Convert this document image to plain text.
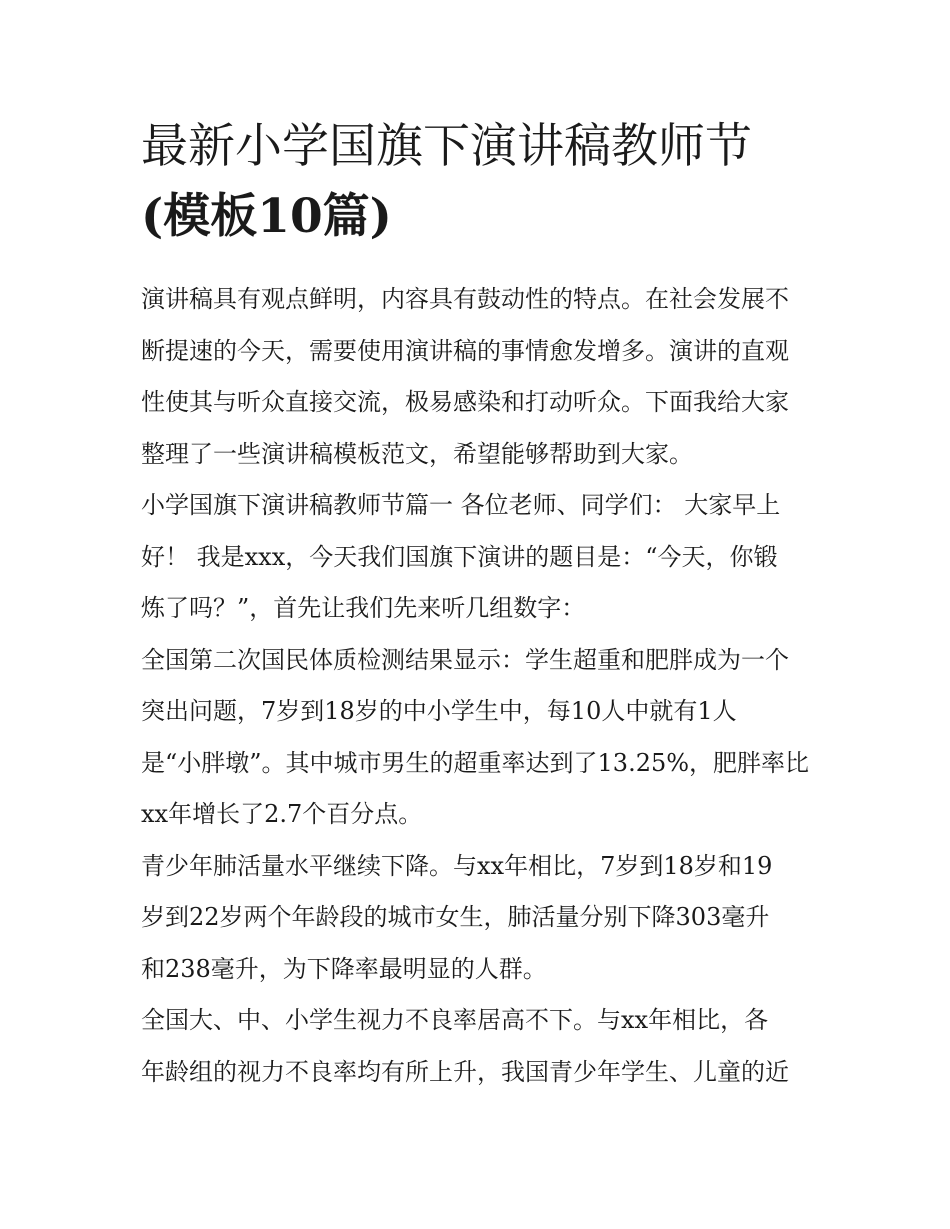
最新小学国旗下演讲稿教师节
(模板10篇)

演讲稿具有观点鲜明，内容具有鼓动性的特点。在社会发展不
断提速的今天，需要使用演讲稿的事情愈发增多。演讲的直观
性使其与听众直接交流，极易感染和打动听众。下面我给大家
整理了一些演讲稿模板范文，希望能够帮助到大家。

小学国旗下演讲稿教师节篇一 各位老师、同学们： 大家早上
好！ 我是xxx，今天我们国旗下演讲的题目是：“今天，你锻
炼了吗？”，首先让我们先来听几组数字：

全国第二次国民体质检测结果显示：学生超重和肥胖成为一个
突出问题，7岁到18岁的中小学生中，每10人中就有1人
是“小胖墩”。其中城市男生的超重率达到了13.25%，肥胖率比
xx年增长了2.7个百分点。

青少年肺活量水平继续下降。与xx年相比，7岁到18岁和19
岁到22岁两个年龄段的城市女生，肺活量分别下降303毫升
和238毫升，为下降率最明显的人群。

全国大、中、小学生视力不良率居高不下。与xx年相比，各
年龄组的视力不良率均有所上升，我国青少年学生、儿童的近
